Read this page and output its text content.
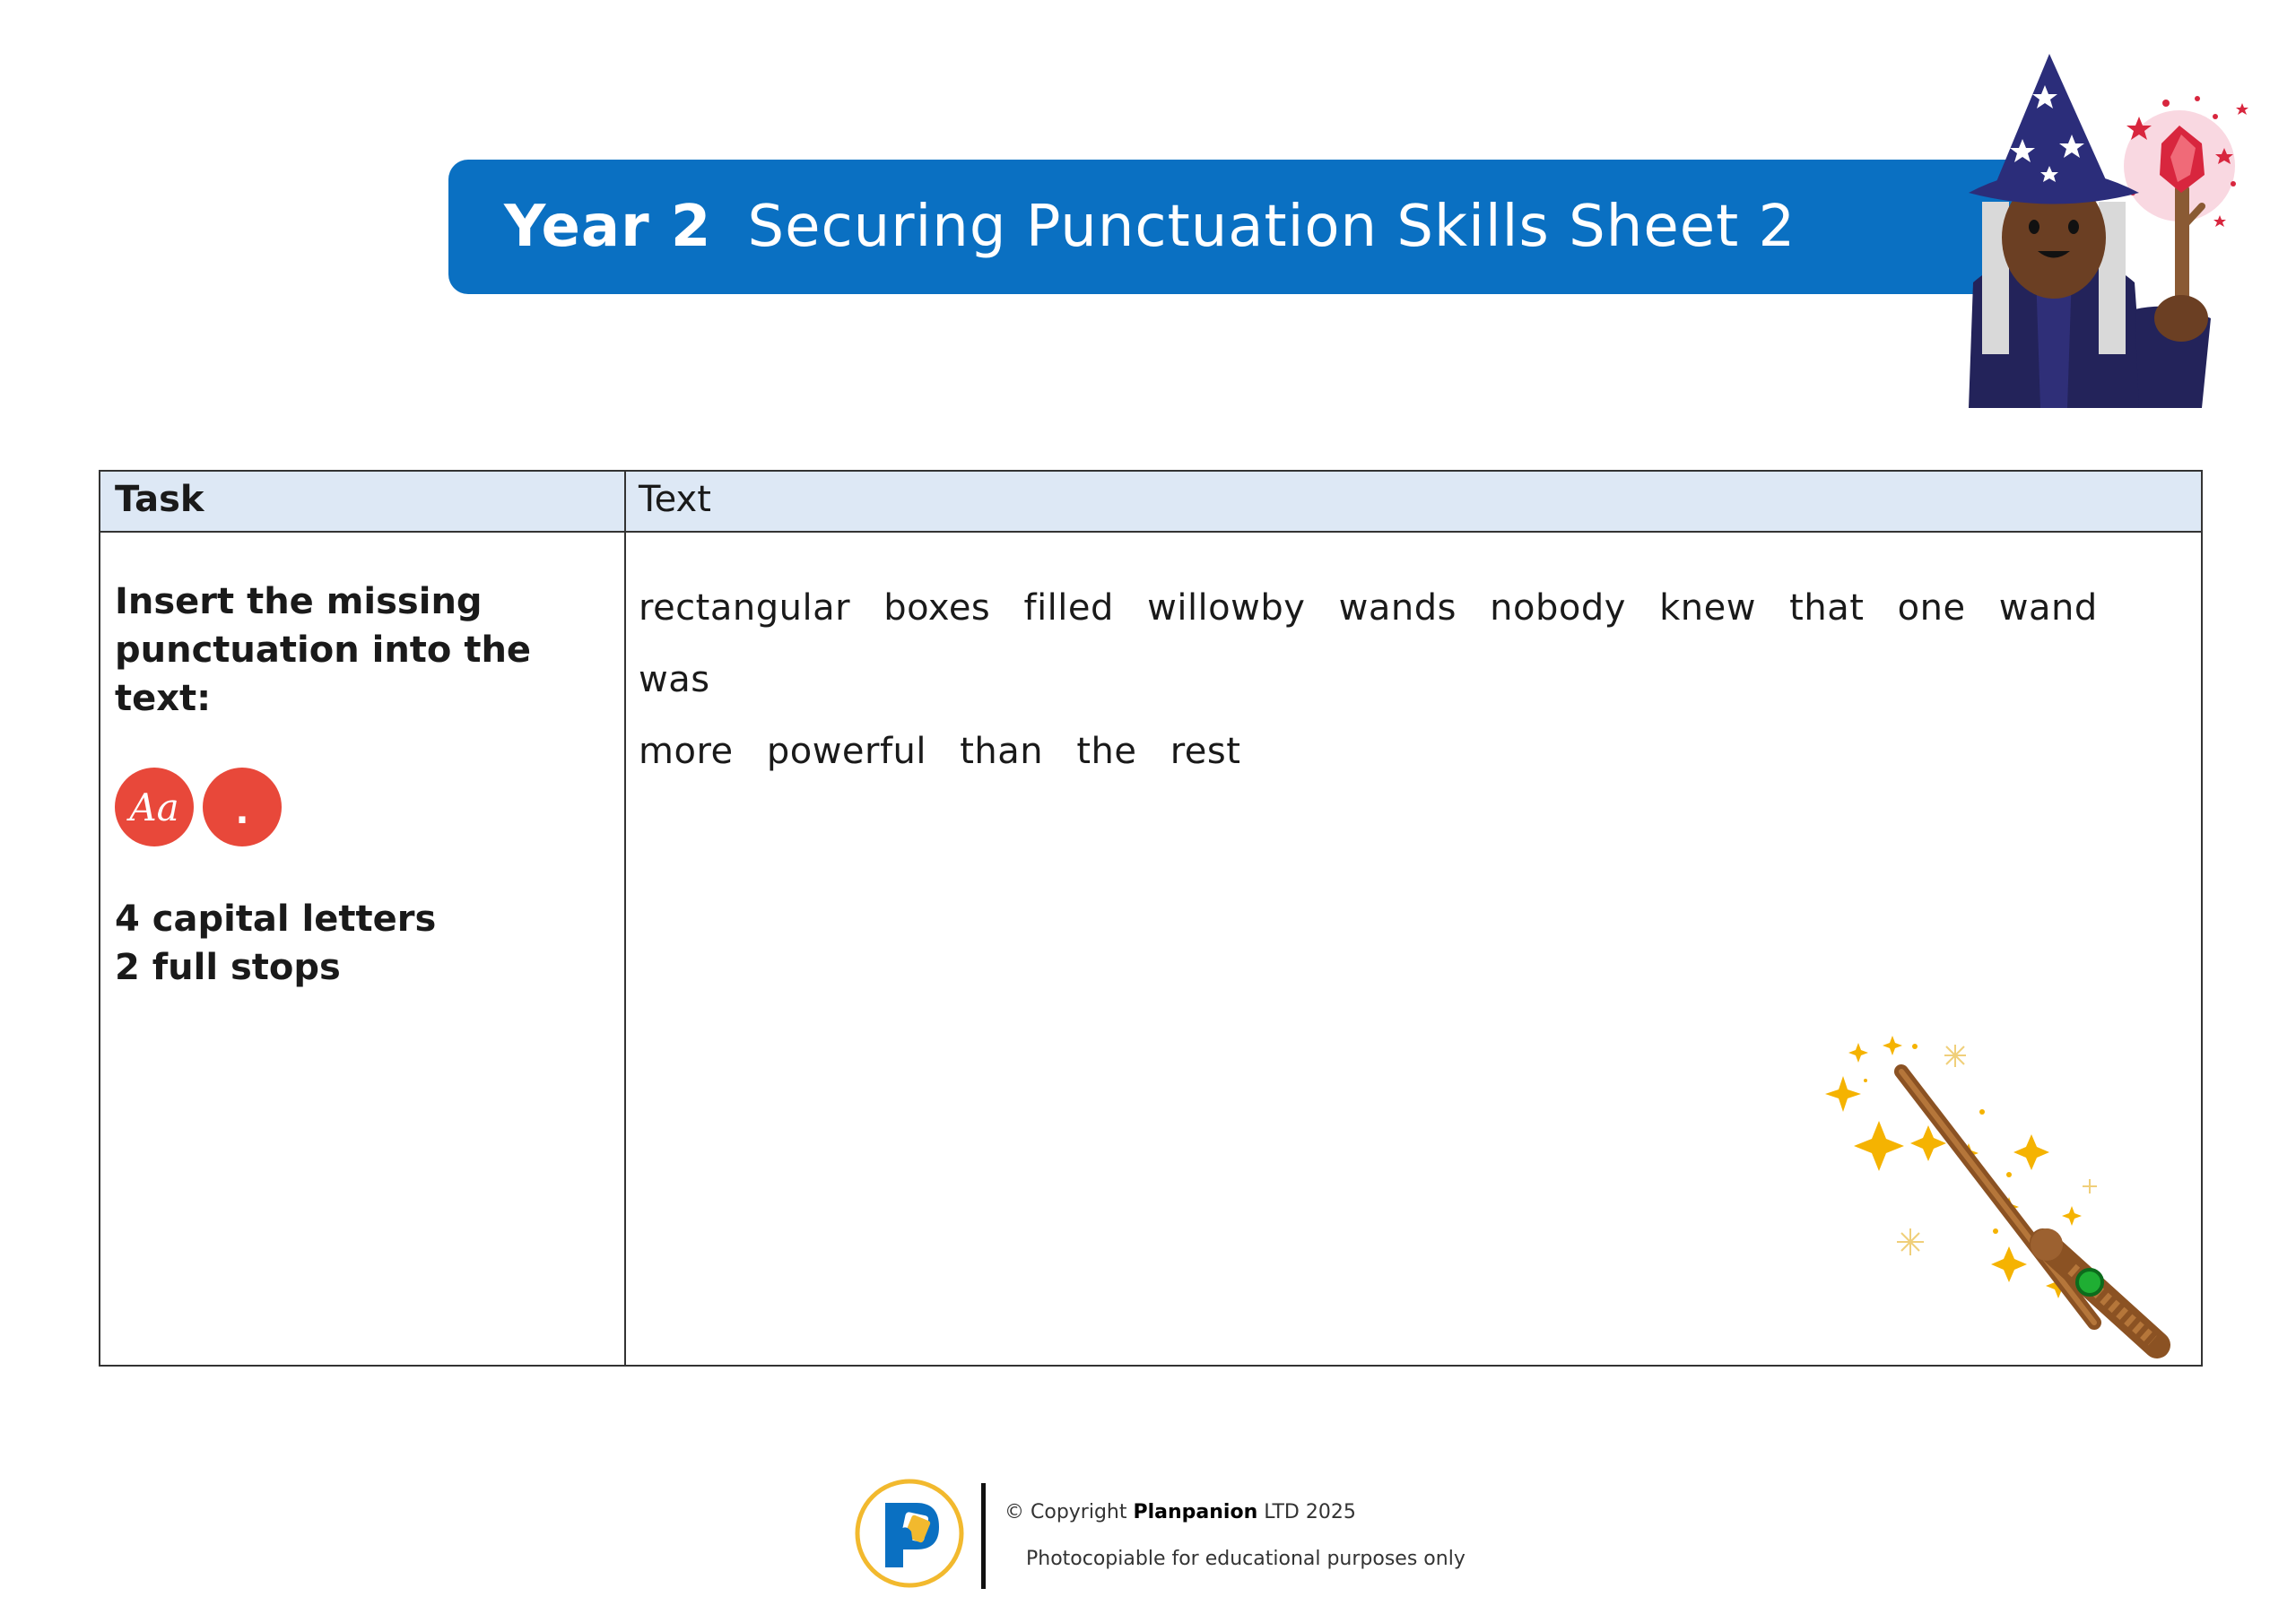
Year 2 Securing Punctuation Skills Sheet 2
Task	Text

Insert the missing
punctuation into the text:

Aa	.
4 capital letters
2 full stops

rectangular boxes filled willowby wands nobody knew that one wand was
more powerful than the rest

© Copyright Planpanion LTD 2025
Photocopiable for educational purposes only
